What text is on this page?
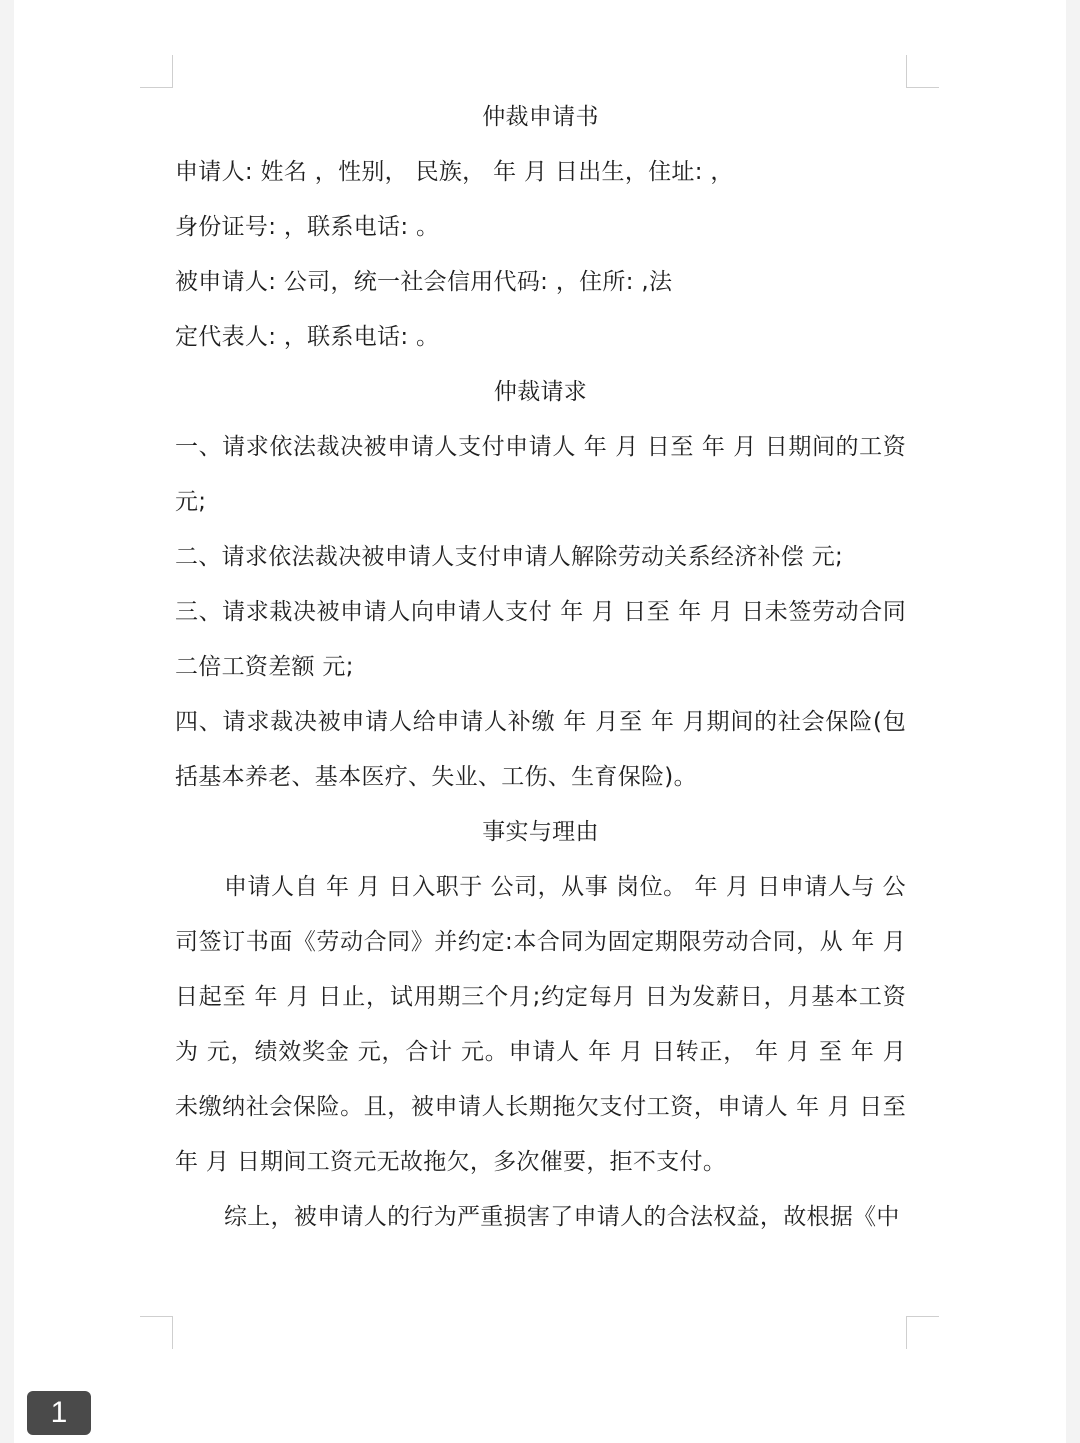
仲裁申请书

申请人: 姓名 ，性别， 民族， 年 月 日出生，住址: ，

身份证号: ，联系电话: 。

被申请人: 公司，统一社会信用代码: ，住所: ,法

定代表人: ，联系电话: 。

仲裁请求

一、请求依法裁决被申请人支付申请人 年 月 日至 年 月 日期间的工资 元;

二、请求依法裁决被申请人支付申请人解除劳动关系经济补偿 元;

三、请求栽决被申请人向申请人支付 年 月 日至 年 月 日未签劳动合同二倍工资差额 元;

四、请求裁决被申请人给申请人补缴 年 月至 年 月期间的社会保险(包括基本养老、基本医疗、失业、工伤、生育保险)。

事实与理由

申请人自 年 月 日入职于 公司，从事 岗位。 年 月 日申请人与 公司签订书面《劳动合同》并约定:本合同为固定期限劳动合同，从 年 月 日起至 年 月 日止，试用期三个月;约定每月 日为发薪日，月基本工资为 元，绩效奖金 元，合计 元。申请人 年 月 日转正， 年 月 至 年 月未缴纳社会保险。且，被申请人长期拖欠支付工资，申请人 年 月 日至 年 月 日期间工资元无故拖欠，多次催要，拒不支付。

综上，被申请人的行为严重损害了申请人的合法权益，故根据《中

1
